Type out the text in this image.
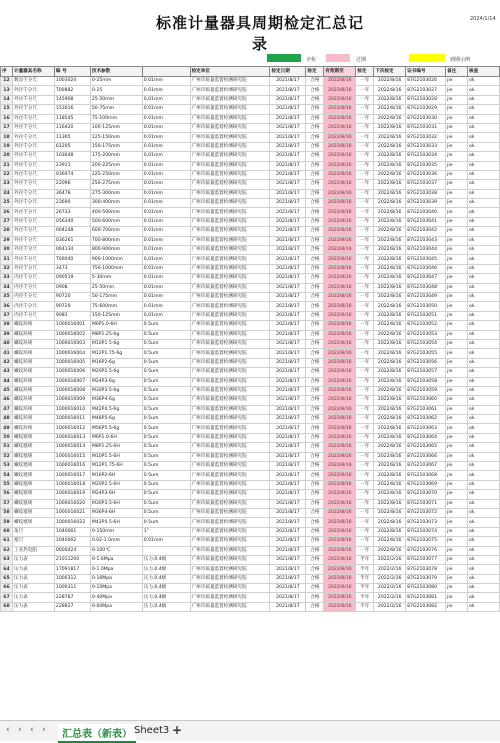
标准计量器具周期检定汇总记录
2024/1/14
全检	过期	到期示例
序	计量器具名称	编 号	技术参数		检定单位	检定日期	检定	有效期至	检定	下次检定	证书编号	备注	核查
12	数显千分尺	1003024	0-25mm	0.01mm	广州市质量监督检测研究院	2021/8/17	合格	2022/8/16	一年	2022/8/16	87G2103026	jie	ok
13	外径千分尺	T00882	0-25	0.01mm	广州市质量监督检测研究院	2021/8/17	合格	2022/8/16	一年	2022/8/16	87G2103027	jie	ok
14	外径千分尺	145908	25-50mm	0.01mm	广州市质量监督检测研究院	2021/8/17	合格	2022/8/16	一年	2022/8/16	87G2103028	jie	ok
15	外径千分尺	153016	50-75mm	0.01mm	广州市质量监督检测研究院	2021/8/17	合格	2022/8/16	一年	2022/8/16	87G2103029	jie	ok
16	外径千分尺	118545	75-100mm	0.01mm	广州市质量监督检测研究院	2021/8/17	合格	2022/8/16	一年	2022/8/16	87G2103030	jie	ok
17	外径千分尺	116420	100-125mm	0.01mm	广州市质量监督检测研究院	2021/8/17	合格	2022/8/16	一年	2022/8/16	87G2103031	jie	ok
18	外径千分尺	11365	125-150mm	0.01mm	广州市质量监督检测研究院	2021/8/17	合格	2022/8/16	一年	2022/8/16	87G2103032	jie	ok
19	外径千分尺	61205	150-175mm	0.01mm	广州市质量监督检测研究院	2021/8/17	合格	2022/8/16	一年	2022/8/16	87G2103033	jie	ok
20	外径千分尺	103648	175-200mm	0.01mm	广州市质量监督检测研究院	2021/8/17	合格	2022/8/16	一年	2022/8/16	87G2103034	jie	ok
21	外径千分尺	23911	200-225mm	0.01mm	广州市质量监督检测研究院	2021/8/17	合格	2022/8/16	一年	2022/8/16	87G2103035	jie	ok
22	外径千分尺	036974	225-250mm	0.01mm	广州市质量监督检测研究院	2021/8/17	合格	2022/8/16	一年	2022/8/16	87G2103036	jie	ok
23	外径千分尺	22096	250-275mm	0.01mm	广州市质量监督检测研究院	2021/8/17	合格	2022/8/16	一年	2022/8/16	87G2103037	jie	ok
24	外径千分尺	36478	275-300mm	0.01mm	广州市质量监督检测研究院	2021/8/17	合格	2022/8/16	一年	2022/8/16	87G2103038	jie	ok
25	外径千分尺	23690	300-400mm	0.01mm	广州市质量监督检测研究院	2021/8/17	合格	2022/8/16	一年	2022/8/16	87G2103039	jie	ok
26	外径千分尺	26733	400-500mm	0.01mm	广州市质量监督检测研究院	2021/8/17	合格	2022/8/16	一年	2022/8/16	87G2103040	jie	ok
27	外径千分尺	056340	500-600mm	0.01mm	广州市质量监督检测研究院	2021/8/17	合格	2022/8/16	一年	2022/8/16	87G2103041	jie	ok
28	外径千分尺	004248	600-700mm	0.01mm	广州市质量监督检测研究院	2021/8/17	合格	2022/8/16	一年	2022/8/16	87G2103042	jie	ok
29	外径千分尺	036261	700-800mm	0.01mm	广州市质量监督检测研究院	2021/8/17	合格	2022/8/16	一年	2022/8/16	87G2103043	jie	ok
30	外径千分尺	064134	800-900mm	0.01mm	广州市质量监督检测研究院	2021/8/17	合格	2022/8/16	一年	2022/8/16	87G2103044	jie	ok
31	外径千分尺	T00040	900-1000mm	0.01mm	广州市质量监督检测研究院	2021/8/17	合格	2022/8/16	一年	2022/8/16	87G2103045	jie	ok
32	外径千分尺	3473	750-1000mm	0.01mm	广州市质量监督检测研究院	2021/8/17	合格	2022/8/16	一年	2022/8/16	87G2103046	jie	ok
33	内径千分尺	090519	5-30mm	0.01mm	广州市质量监督检测研究院	2021/8/17	合格	2022/8/16	一年	2022/8/16	87G2103047	jie	ok
34	内径千分尺	0908	25-50mm	0.01mm	广州市质量监督检测研究院	2021/8/17	合格	2022/8/16	一年	2022/8/16	87G2103048	jie	ok
35	内径千分尺	90720	50-175mm	0.01mm	广州市质量监督检测研究院	2021/8/17	合格	2022/8/16	一年	2022/8/16	87G2103049	jie	ok
36	内径千分尺	90729	75-600mm	0.01mm	广州市质量监督检测研究院	2021/8/17	合格	2022/8/16	一年	2022/8/16	87G2103050	jie	ok
37	内径千分尺	9081	150-125mm	0.01mm	广州市质量监督检测研究院	2021/8/17	合格	2022/8/16	一年	2022/8/16	87G2103051	jie	ok
38	螺纹环规	1000016001	M6P1.0-6H	0.5um	广州市质量监督检测研究院	2021/8/17	合格	2022/8/16	一年	2022/8/16	87G2103052	jie	ok
39	螺纹环规	1000016002	M8P1.25-6g	0.5um	广州市质量监督检测研究院	2021/8/17	合格	2022/8/16	一年	2022/8/16	87G2103053	jie	ok
40	螺纹环规	1000016003	M10P1.5-6g	0.5um	广州市质量监督检测研究院	2021/8/17	合格	2022/8/16	一年	2022/8/16	87G2103054	jie	ok
41	螺纹环规	1000016004	M12P1.75-6g	0.5um	广州市质量监督检测研究院	2021/8/17	合格	2022/8/16	一年	2022/8/16	87G2103055	jie	ok
42	螺纹环规	1000016005	M16P2-6g	0.5um	广州市质量监督检测研究院	2021/8/17	合格	2022/8/16	一年	2022/8/16	87G2103056	jie	ok
43	螺纹环规	1000016006	M20P2.5-6g	0.5um	广州市质量监督检测研究院	2021/8/17	合格	2022/8/16	一年	2022/8/16	87G2103057	jie	ok
44	螺纹环规	1000016007	M24P3-6g	0.5um	广州市质量监督检测研究院	2021/8/17	合格	2022/8/16	一年	2022/8/16	87G2103058	jie	ok
45	螺纹环规	1000016008	M30P3.5-6g	0.5um	广州市质量监督检测研究院	2021/8/17	合格	2022/8/16	一年	2022/8/16	87G2103059	jie	ok
46	螺纹环规	1000016009	M36P4-6g	0.5um	广州市质量监督检测研究院	2021/8/17	合格	2022/8/16	一年	2022/8/16	87G2103060	jie	ok
47	螺纹环规	1000016010	M42P4.5-6g	0.5um	广州市质量监督检测研究院	2021/8/17	合格	2022/8/16	一年	2022/8/16	87G2103061	jie	ok
48	螺纹环规	1000016011	M48P5-6g	0.5um	广州市质量监督检测研究院	2021/8/17	合格	2022/8/16	一年	2022/8/16	87G2103062	jie	ok
49	螺纹环规	1000016012	M56P5.5-6g	0.5um	广州市质量监督检测研究院	2021/8/17	合格	2022/8/16	一年	2022/8/16	87G2103063	jie	ok
50	螺纹塞规	1000016013	M6P1.0-6H	0.5um	广州市质量监督检测研究院	2021/8/17	合格	2022/8/16	一年	2022/8/16	87G2103064	jie	ok
51	螺纹塞规	1000016014	M8P1.25-6H	0.5um	广州市质量监督检测研究院	2021/8/17	合格	2022/8/16	一年	2022/8/16	87G2103065	jie	ok
52	螺纹塞规	1000016015	M10P1.5-6H	0.5um	广州市质量监督检测研究院	2021/8/17	合格	2022/8/16	一年	2022/8/16	87G2103066	jie	ok
53	螺纹塞规	1000016016	M12P1.75-6H	0.5um	广州市质量监督检测研究院	2021/8/17	合格	2022/8/16	一年	2022/8/16	87G2103067	jie	ok
54	螺纹塞规	1000016017	M16P2-6H	0.5um	广州市质量监督检测研究院	2021/8/17	合格	2022/8/16	一年	2022/8/16	87G2103068	jie	ok
55	螺纹塞规	1000016018	M20P2.5-6H	0.5um	广州市质量监督检测研究院	2021/8/17	合格	2022/8/16	一年	2022/8/16	87G2103069	jie	ok
56	螺纹塞规	1000016019	M24P3-6H	0.5um	广州市质量监督检测研究院	2021/8/17	合格	2022/8/16	一年	2022/8/16	87G2103070	jie	ok
57	螺纹塞规	1000016020	M30P3.5-6H	0.5um	广州市质量监督检测研究院	2021/8/17	合格	2022/8/16	一年	2022/8/16	87G2103071	jie	ok
58	螺纹塞规	1000016021	M36P4-6H	0.5um	广州市质量监督检测研究院	2021/8/17	合格	2022/8/16	一年	2022/8/16	87G2103072	jie	ok
59	螺纹塞规	1000016022	M42P4.5-6H	0.5um	广州市质量监督检测研究院	2021/8/17	合格	2022/8/16	一年	2022/8/16	87G2103073	jie	ok
60	角尺	1040001	0-150mm	1"	广州市质量监督检测研究院	2021/8/17	合格	2022/8/16	一年	2022/8/16	87G2103074	jie	ok
61	塞尺	1040002	0.02-1.0mm	0.01mm	广州市质量监督检测研究院	2021/8/17	合格	2022/8/16	一年	2022/8/16	87G2103075	jie	ok
62	工业热电阻	0600424	0-100℃		广州市质量监督检测研究院	2021/8/17	合格	2022/8/16	一年	2022/8/16	87G2103076	jie	ok
63	压力表	21011200	0-1.6Mpa	压力,0.4级	广州市质量监督检测研究院	2021/8/17	合格	2022/8/16	半年	2022/2/16	87G2103077	jie	ok
64	压力表	17091817	0-1.0Mpa	压力,0.4级	广州市质量监督检测研究院	2021/8/17	合格	2022/8/16	半年	2022/2/16	87G2103078	jie	ok
65	压力表	1000312	0-16Mpa	压力,0.4级	广州市质量监督检测研究院	2021/8/17	合格	2022/8/16	半年	2022/2/16	87G2103079	jie	ok
66	压力表	1000311	0-10Mpa	压力,0.4级	广州市质量监督检测研究院	2021/8/17	合格	2022/8/16	半年	2022/2/16	87G2103080	jie	ok
67	压力表	228787	0-40Mpa	压力,0.4级	广州市质量监督检测研究院	2021/8/17	合格	2022/8/16	半年	2022/2/16	87G2103081	jie	ok
68	压力表	228827	0-60Mpa	压力,0.4级	广州市质量监督检测研究院	2021/8/17	合格	2022/8/16	半年	2022/2/16	87G2103082	jie	ok
‹ › ‹ ›	汇总表（新表） Sheet3 +
